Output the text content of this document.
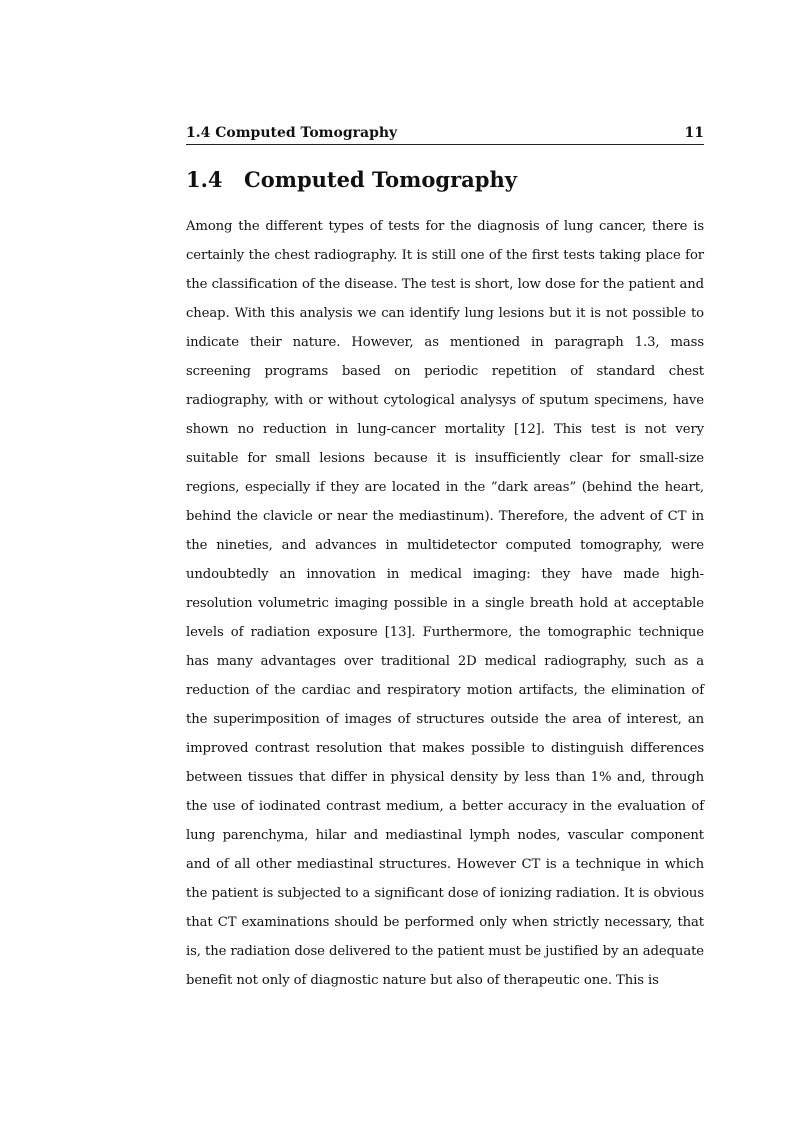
1.4 Computed Tomography	11
1.4	Computed Tomography

Among the different types of tests for the diagnosis of lung cancer, there is certainly the chest radiography. It is still one of the first tests taking place for the classification of the disease. The test is short, low dose for the patient and cheap. With this analysis we can identify lung lesions but it is not possible to indicate their nature. However, as mentioned in paragraph 1.3, mass screening programs based on periodic repetition of standard chest radiography, with or without cytological analysys of sputum specimens, have shown no reduction in lung-cancer mortality [12]. This test is not very suitable for small lesions because it is insufficiently clear for small-size regions, especially if they are located in the ”dark areas” (behind the heart, behind the clavicle or near the mediastinum). Therefore, the advent of CT in the nineties, and advances in multidetector computed tomography, were undoubtedly an innovation in medical imaging: they have made high-resolution volumetric imaging possible in a single breath hold at acceptable levels of radiation exposure [13]. Furthermore, the tomographic technique has many advantages over traditional 2D medical radiography, such as a reduction of the cardiac and respiratory motion artifacts, the elimination of the superimposition of images of structures outside the area of interest, an improved contrast resolution that makes possible to distinguish differences between tissues that differ in physical density by less than 1% and, through the use of iodinated contrast medium, a better accuracy in the evaluation of lung parenchyma, hilar and mediastinal lymph nodes, vascular component and of all other mediastinal structures. However CT is a technique in which the patient is subjected to a significant dose of ionizing radiation. It is obvious that CT examinations should be performed only when strictly necessary, that is, the radiation dose delivered to the patient must be justified by an adequate benefit not only of diagnostic nature but also of therapeutic one. This is
